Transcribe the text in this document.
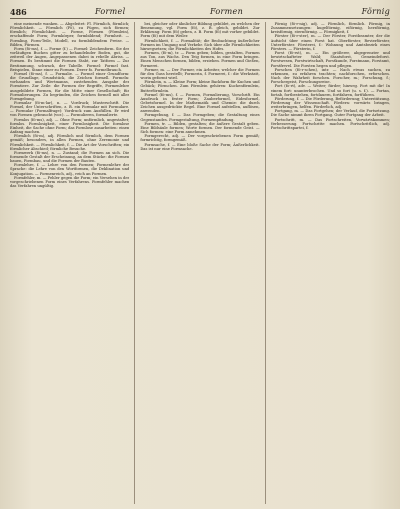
486	Formel	Formen	Förnig

eine meinende wanken. — Abgeleitet: Fl. Förmlich, förmlich; Förmlichkeit. — Förmlich (Fö), zu Fügen, sich förmen; förmlich; Förmlichkeit. — Forme, Förmen (Förmlein), erschaffende Form; Formkörper, formbildend; Formheit. — Formling, Form-Teile, Modell, zu formbildendem Preise. — Bilden, Fürmen.

Form (fö-ms), f. — Forme (f.) — Formel: Zeichenform. Sie der vorläufigen Buchen gitter zu behandelnder Boden, gut, die zeitweil der Augen, Angepassenen dabei in rebelle Abriss. — Formen. Es bestimmt die Formen Stabt, zur Tatform — Zur Bestimmung, schwach, der Tabelle. Formel: Formel fast. Beispielen, Sinne einer zu Formen. Derer fo. Formelbrauch.

Formel (fö-ms), f. — Formalie. — Formel einer Grundform: die Grundlage, Grundstück, die Zeichen formell. Formeln: vorhanden und Wertmanns, zustehenden Ausgabe der Formtiere. Zur Zeile: die Formen der Begriffe, Formenlehre ausgebildete Formen, für die Mitte einer Gesellschaft; für Formulierungen. Zu begründen, die Zeichen formell mit aller Formgebung.

Formular (fö-m-lar), n. — Vordruck; Musterschrift. Die Formel, der Unterschriften, z. B. ein Formular mit Formulare. — Formular (Formalfrage): Vordruck zum Ausfüllen. Er wird von Formen gebraucht (vor.). — Formulieren, formulierte.

Formlos (fö-ms), adj. — Ohne Form; unförmlich, ungestaltet; formlos. Formlosigkeit, einer Formlosigkeit. Die formlose Einheit, die Sache ohne Form; das Formlose ausarbeiten: einen Anfang machen.

Förmlich (fö-m), adj. Förmlich und förmlich, dem Formen gemäß; besonders, in allen Formen, ohne Zeremonie und Förmlichkeit. — Förmlichkeit, f. — Die Art der Vorschriften; ein förmlicher Abschied; förmliche Besuche.

Formwerk (fö-ms), n. — Zustand; die Formen an sich. Die formende Gestalt der Erscheinung, an dem Stücke: die Formen bauen, Formbau, und die Formen der Bauten.

Formlehre, f. — Lehre von den Formen; Formenlehre der Sprache: die Lehre von den Wortformen, die Deklination und Konjugation. — Formenreich, adj., reich an Formen.

Formfehler, m. — Fehler gegen die Form; ein Versehen in der vorgeschriebenen Form eines Verfahrens. Formfehler machen das Verfahren ungültig.

bei, gleicher oder ähnlicher Bildung gebildet, zu welchen der Benennung, vgl. Form (fö), z. B. gleich, gebildet. Zur Erklärung: Form (fö) geben, z. B. Form (fö) mit vorher gebildet. Form (fö) mit dem Weiler.

Förmlichkeit, f. — Formalität; die Beobachtung äußerlicher Formen im Umgang und Verkehr. Sich über alle Förmlichkeiten hinwegsetzen; die Förmlichkeiten des Hofes.

Formen, (fö-m), tr. — Form geben; bilden, gestalten, Formen aus Ton, aus Wachs. Den Teig formen, in eine Form bringen. Einen Menschen formen, bilden, erziehen. Formen und Gießen, Formerei.

Former, m. — Der Former, ein Arbeiter, welcher die Formen für den Guss herstellt; Formerin, f. Formerei, f.: die Werkstatt, worin geformt wird.

Förmlein, n. — Kleine Form; kleine Backform für Kuchen und Gebäck; Förmchen. Zum Förmlein gehören: Kuchenförmlein, Butterförmlein.

Formel (fö-ms), f. — Formen, Formulierung, Vorschrift. Ein Ausdruck in fester Form; Zauberformel, Eidesformel, Gebetsformel. In der Mathematik und Chemie: die durch Zeichen ausgedrückte Regel. Eine Formel aufstellen, auflösen, anwenden.

Formgebung, f. — Das Formgeben; die Gestaltung eines Gegenstandes. Formgestaltung, Formempfindung.

Formen, tr. — Bilden, gestalten; die äußere Gestalt geben. Eine Bildsäule formen; Worte formen. Der formende Geist. — Sich formen: eine Form annehmen.

Formgerecht, adj. — Der vorgeschriebenen Form gemäß; formrichtig, formgemäß.

Formsache, f. — Eine bloße Sache der Form; Äußerlichkeit. Das ist nur eine Formsache.

Förnig (fö-r-nig), adj. — Förmlich, förmlich. Förmig, in Zusammensetzungen: kugelförmig, eiförmig, herzförmig, kreisförmig, sternförmig. — Förmigkeit, f.

Förster (fö-r-ster), m. — Der Förster, Forstbeamter, der die Aufsicht über einen Forst hat. Oberförster, Revierförster, Unterförster. Försterei, f.: Wohnung und Amtsbezirk eines Försters. — Försterin, f.

Forst (fö-rst), m. — Ein größerer, abgegrenzter und bewirtschafteter Wald; Staatsforst, Gemeindeforst. Forstwesen, Forstwirtschaft, Forstkunde, Forstmann, Forstamt, Forstfrevel. Die Forsten hegen und pflegen.

Forschen (fö-r-schen), intr. — Nach etwas suchen, zu erkennen, zu erfahren trachten; nachforschen, erforschen. Nach der Wahrheit forschen. Forscher, m.; Forschung, f.; Forschergeist, Forschungsreise.

Fort (fo-rt), adv. — Weiter; fürder; hinweg. Fort mit dir! In einem fort: ununterbrochen. Und so fort (u. s. f.). — Fortan, fortab, fortbestehen, fortdauern, fortfahren, fortführen.

Förderung, f. — Die Förderung, Beförderung; Unterstützung. Förderung der Wissenschaft. Fördern: vorwärts bringen, weiterbringen, helfen. Förderlich, adj.

Fortgang, m. — Das Fortgehen; der Verlauf, die Fortsetzung. Die Sache nimmt ihren Fortgang. Guter Fortgang der Arbeit.

Fortschritt, m. — Das Fortschreiten, Vorwärtskommen; Verbesserung. Fortschritte machen. Fortschrittlich, adj. Fortschrittspartei, f.
